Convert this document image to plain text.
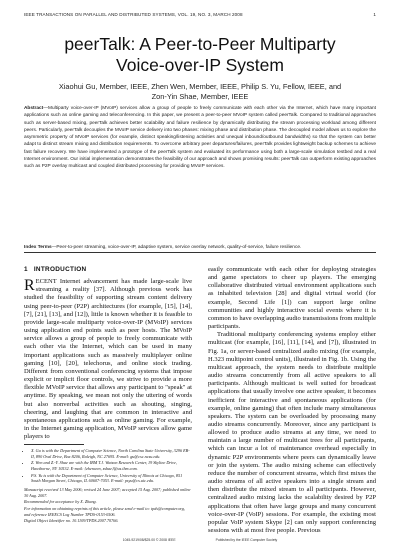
IEEE TRANSACTIONS ON PARALLEL AND DISTRIBUTED SYSTEMS, VOL. 19, NO. 3, MARCH 2008	1
peerTalk: A Peer-to-Peer Multiparty
Voice-over-IP System
Xiaohui Gu, Member, IEEE, Zhen Wen, Member, IEEE, Philip S. Yu, Fellow, IEEE, and
Zon-Yin Shae, Member, IEEE
Abstract—Multiparty voice-over-IP (MVoIP) services allow a group of people to freely communicate with each other via the Internet, which have many important applications such as online gaming and teleconferencing. In this paper, we present a peer-to-peer MVoIP system called peerTalk. Compared to traditional approaches such as server-based mixing, peerTalk achieves better scalability and failure resilience by dynamically distributing the stream processing workload among different peers. Particularly, peerTalk decouples the MVoIP service delivery into two phases: mixing phase and distribution phase. The decoupled model allows us to explore the asymmetric property of MVoIP services (for example, distinct speaking/listening activities and unequal inbound/outbound bandwidths) so that the system can better adapt to distinct stream mixing and distribution requirements. To overcome arbitrary peer departures/failures, peerTalk provides lightweight backup schemes to achieve fast failure recovery. We have implemented a prototype of the peerTalk system and evaluated its performance using both a large-scale simulation testbed and a real Internet environment. Our initial implementation demonstrates the feasibility of our approach and shows promising results: peerTalk can outperform existing approaches such as P2P overlay multicast and coupled distributed processing for providing MVoIP services.
Index Terms—Peer-to-peer streaming, voice-over-IP, adaptive system, service overlay network, quality-of-service, failure resilience.
1 INTRODUCTION

RECENT Internet advancement has made large-scale live streaming a reality [37]. Although previous work has studied the feasibility of supporting stream content delivery using peer-to-peer (P2P) architectures (for example, [15], [14], [7], [21], [13], and [12]), little is known whether it is feasible to provide large-scale multiparty voice-over-IP (MVoIP) services using application end points such as peer hosts. The MVoIP service allows a group of people to freely communicate with each other via the Internet, which can be used in many important applications such as massively multiplayer online gaming [10], [20], telechorus, and online stock trading. Different from conventional conferencing systems that impose explicit or implicit floor controls, we strive to provide a more flexible MVoIP service that allows any participant to "speak" at anytime. By speaking, we mean not only the uttering of words but also nonverbal activities such as shouting, singing, cheering, and laughing that are common in interactive and spontaneous applications such as online gaming. For example, in the Internet gaming application, MVoIP services allow game players to

• X. Gu is with the Department of Computer Science, North Carolina State University, 3296 EB-II, 890 Oval Drive, Box 8206, Raleigh, NC 27695. E-mail: gu@csc.ncsu.edu.
• Z. Wen and Z.-Y. Shae are with the IBM T.J. Watson Research Center, 19 Skyline Drive, Hawthorne, NY 10532. E-mail: {zhenwen, zshae}@us.ibm.com.
• P.S. Yu is with the Department of Computer Science, University of Illinois at Chicago, 851 South Morgan Street, Chicago, IL 60607-7053. E-mail: psyu@cs.uic.edu.
Manuscript received 13 May 2006; revised 24 June 2007; accepted 15 Aug. 2007; published online 30 Aug. 2007.
Recommended for acceptance by X. Zhang.
For information on obtaining reprints of this article, please send e-mail to: tpds@computer.org, and reference IEEECS Log Number TPDS-0153-0506.
Digital Object Identifier no. 10.1109/TPDS.2007.70766.

easily communicate with each other for deploying strategies and game spectators to cheer up players. The emerging collaborative distributed virtual environment applications such as inhabited television [28] and digital virtual world (for example, Second Life [1]) can support large online communities and highly interactive social events where it is common to have overlapping audio transmissions from multiple participants.

Traditional multiparty conferencing systems employ either multicast (for example, [16], [11], [14], and [7]), illustrated in Fig. 1a, or server-based centralized audio mixing (for example, H.323 multipoint control units), illustrated in Fig. 1b. Using the multicast approach, the system needs to distribute multiple audio streams concurrently from all active speakers to all participants. Although multicast is well suited for broadcast applications that usually involve one active speaker, it becomes inefficient for interactive and spontaneous applications (for example, online gaming) that often include many simultaneous speakers. The system can be overloaded by processing many audio streams concurrently. Moreover, since any participant is allowed to produce audio streams at any time, we need to maintain a large number of multicast trees for all participants, which can incur a lot of maintenance overhead especially in dynamic P2P environments where peers can dynamically leave or join the system. The audio mixing scheme can effectively reduce the number of concurrent streams, which first mixes the audio streams of all active speakers into a single stream and then distribute the mixed stream to all participants. However, centralized audio mixing lacks the scalability desired by P2P applications that often have large groups and many concurrent voice-over-IP (VoIP) sessions. For example, the existing most popular VoIP system Skype [2] can only support conferencing sessions with at most five people. Previous

1045-9219/08/$25.00 © 2008 IEEE	Published by the IEEE Computer Society
